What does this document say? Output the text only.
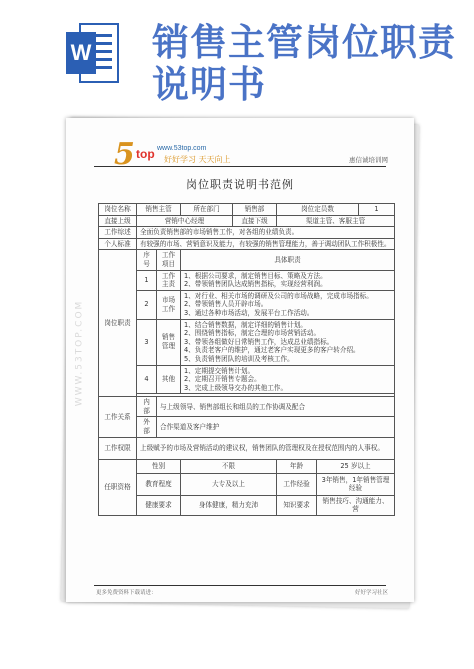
W 销售主管岗位职责说明书
WWW.53TOP.COM
5 top www.53top.com
好好学习 天天向上	惠信诚培训网
岗位职责说明书范例
岗位名称	销售主管		所在部门	销售部	岗位定员数		1
直接上级	营销中心经理			直接下级	渠道主管、客服主管		
工作综述	全面负责销售部的市场销售工作，对各组的业绩负责。						
个人标准	有较强的市场、营销意识及能力，有较强的销售管理能力，善于调动团队工作积极性。						
岗位职责	序号	工作项目	具体职责				
	1	工作主责	1、根据公司要求，制定销售目标、策略及方法。
2、带领销售团队达成销售指标，实现经营利润。				

	2	市场工作	1、对行业、相关市场的调研及公司的市场战略，完成市场指标。
2、带领销售人员开辟市场。
3、通过各种市场活动，发展平台工作活动。				

	3	销售管理	1、结合销售数据，制定详细的销售计划。
2、围绕销售指标，制定合理的市场营销活动。
3、带领各组做好日常销售工作，达成总业绩指标。
4、负责老客户的维护，通过老客户实现更多的客户转介绍。
5、负责销售团队的培训及考核工作。				

	4	其他	1、定期提交销售计划。
2、定期召开销售专题会。
3、完成上级领导交办的其他工作。				

工作关系	内部	与上级领导、销售部组长和组员的工作协调及配合					
	外部	合作渠道及客户维护					
工作权限	上级赋予的市场及营销活动的建议权，销售团队的管理权及在授权范围内的人事权。						
任职资格	性别		不限		年龄	25 岁以上	
	教育程度		大专及以上		工作经验	3年销售，1年销售管理经验	
	健康要求		身体健康，精力充沛		知识要求	销售技巧、沟通能力、营	
更多免费资料下载请进：	好好学习社区
